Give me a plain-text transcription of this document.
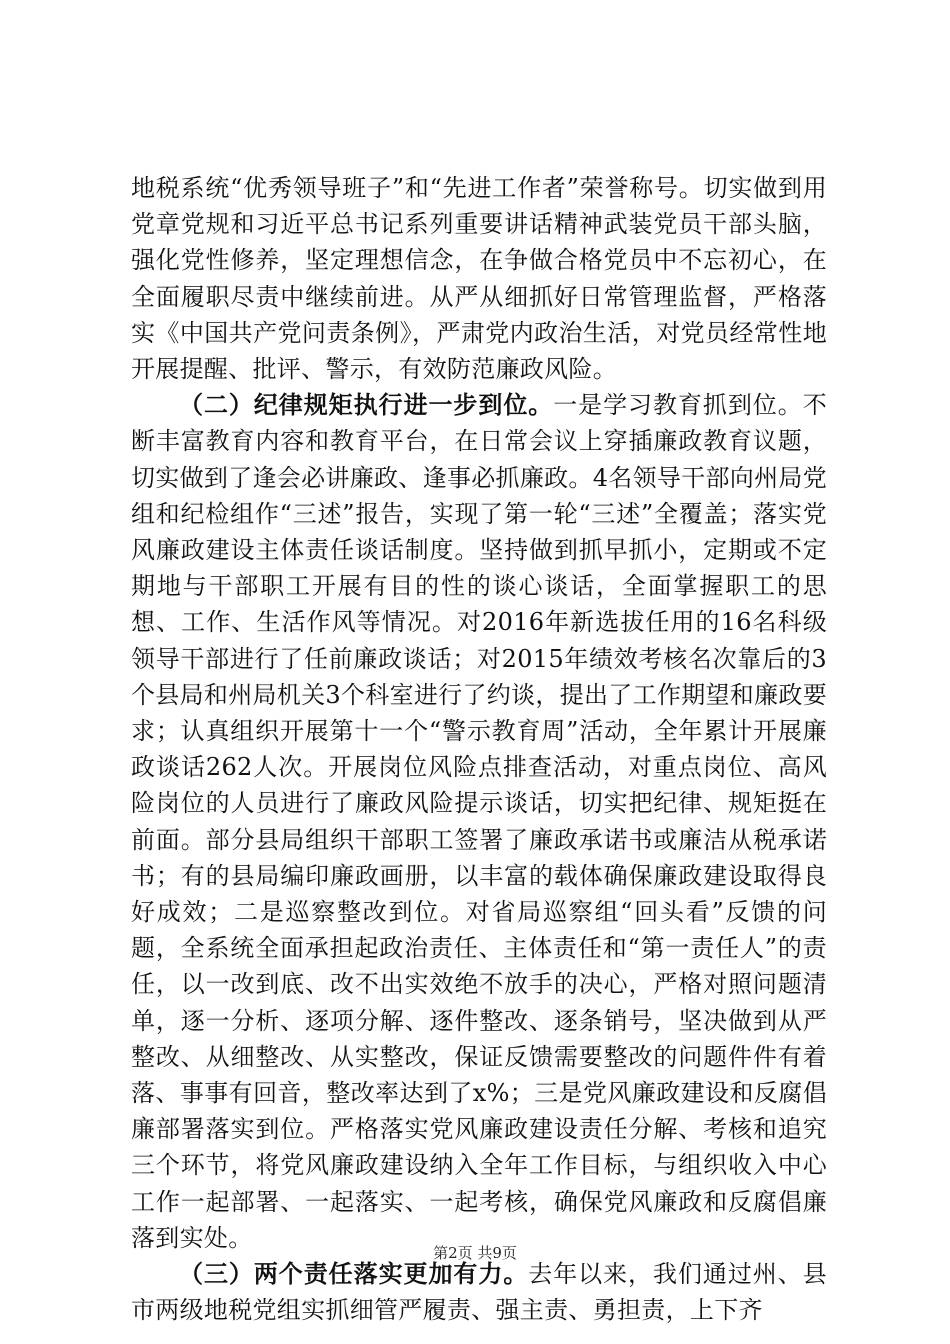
地税系统“优秀领导班子”和“先进工作者”荣誉称号。切实做到用党章党规和习近平总书记系列重要讲话精神武装党员干部头脑，强化党性修养，坚定理想信念，在争做合格党员中不忘初心，在全面履职尽责中继续前进。从严从细抓好日常管理监督，严格落实《中国共产党问责条例》，严肃党内政治生活，对党员经常性地开展提醒、批评、警示，有效防范廉政风险。

（二）纪律规矩执行进一步到位。一是学习教育抓到位。不断丰富教育内容和教育平台，在日常会议上穿插廉政教育议题，切实做到了逢会必讲廉政、逢事必抓廉政。4名领导干部向州局党组和纪检组作“三述”报告，实现了第一轮“三述”全覆盖；落实党风廉政建设主体责任谈话制度。坚持做到抓早抓小，定期或不定期地与干部职工开展有目的性的谈心谈话，全面掌握职工的思想、工作、生活作风等情况。对2016年新选拔任用的16名科级领导干部进行了任前廉政谈话；对2015年绩效考核名次靠后的3个县局和州局机关3个科室进行了约谈，提出了工作期望和廉政要求；认真组织开展第十一个“警示教育周”活动，全年累计开展廉政谈话262人次。开展岗位风险点排查活动，对重点岗位、高风险岗位的人员进行了廉政风险提示谈话，切实把纪律、规矩挺在前面。部分县局组织干部职工签署了廉政承诺书或廉洁从税承诺书；有的县局编印廉政画册，以丰富的载体确保廉政建设取得良好成效；二是巡察整改到位。对省局巡察组“回头看”反馈的问题，全系统全面承担起政治责任、主体责任和“第一责任人”的责任，以一改到底、改不出实效绝不放手的决心，严格对照问题清单，逐一分析、逐项分解、逐件整改、逐条销号，坚决做到从严整改、从细整改、从实整改，保证反馈需要整改的问题件件有着落、事事有回音，整改率达到了x%；三是党风廉政建设和反腐倡廉部署落实到位。严格落实党风廉政建设责任分解、考核和追究三个环节，将党风廉政建设纳入全年工作目标，与组织收入中心工作一起部署、一起落实、一起考核，确保党风廉政和反腐倡廉落到实处。

（三）两个责任落实更加有力。去年以来，我们通过州、县市两级地税党组实抓细管严履责、强主责、勇担责，上下齐

第2页 共9页
